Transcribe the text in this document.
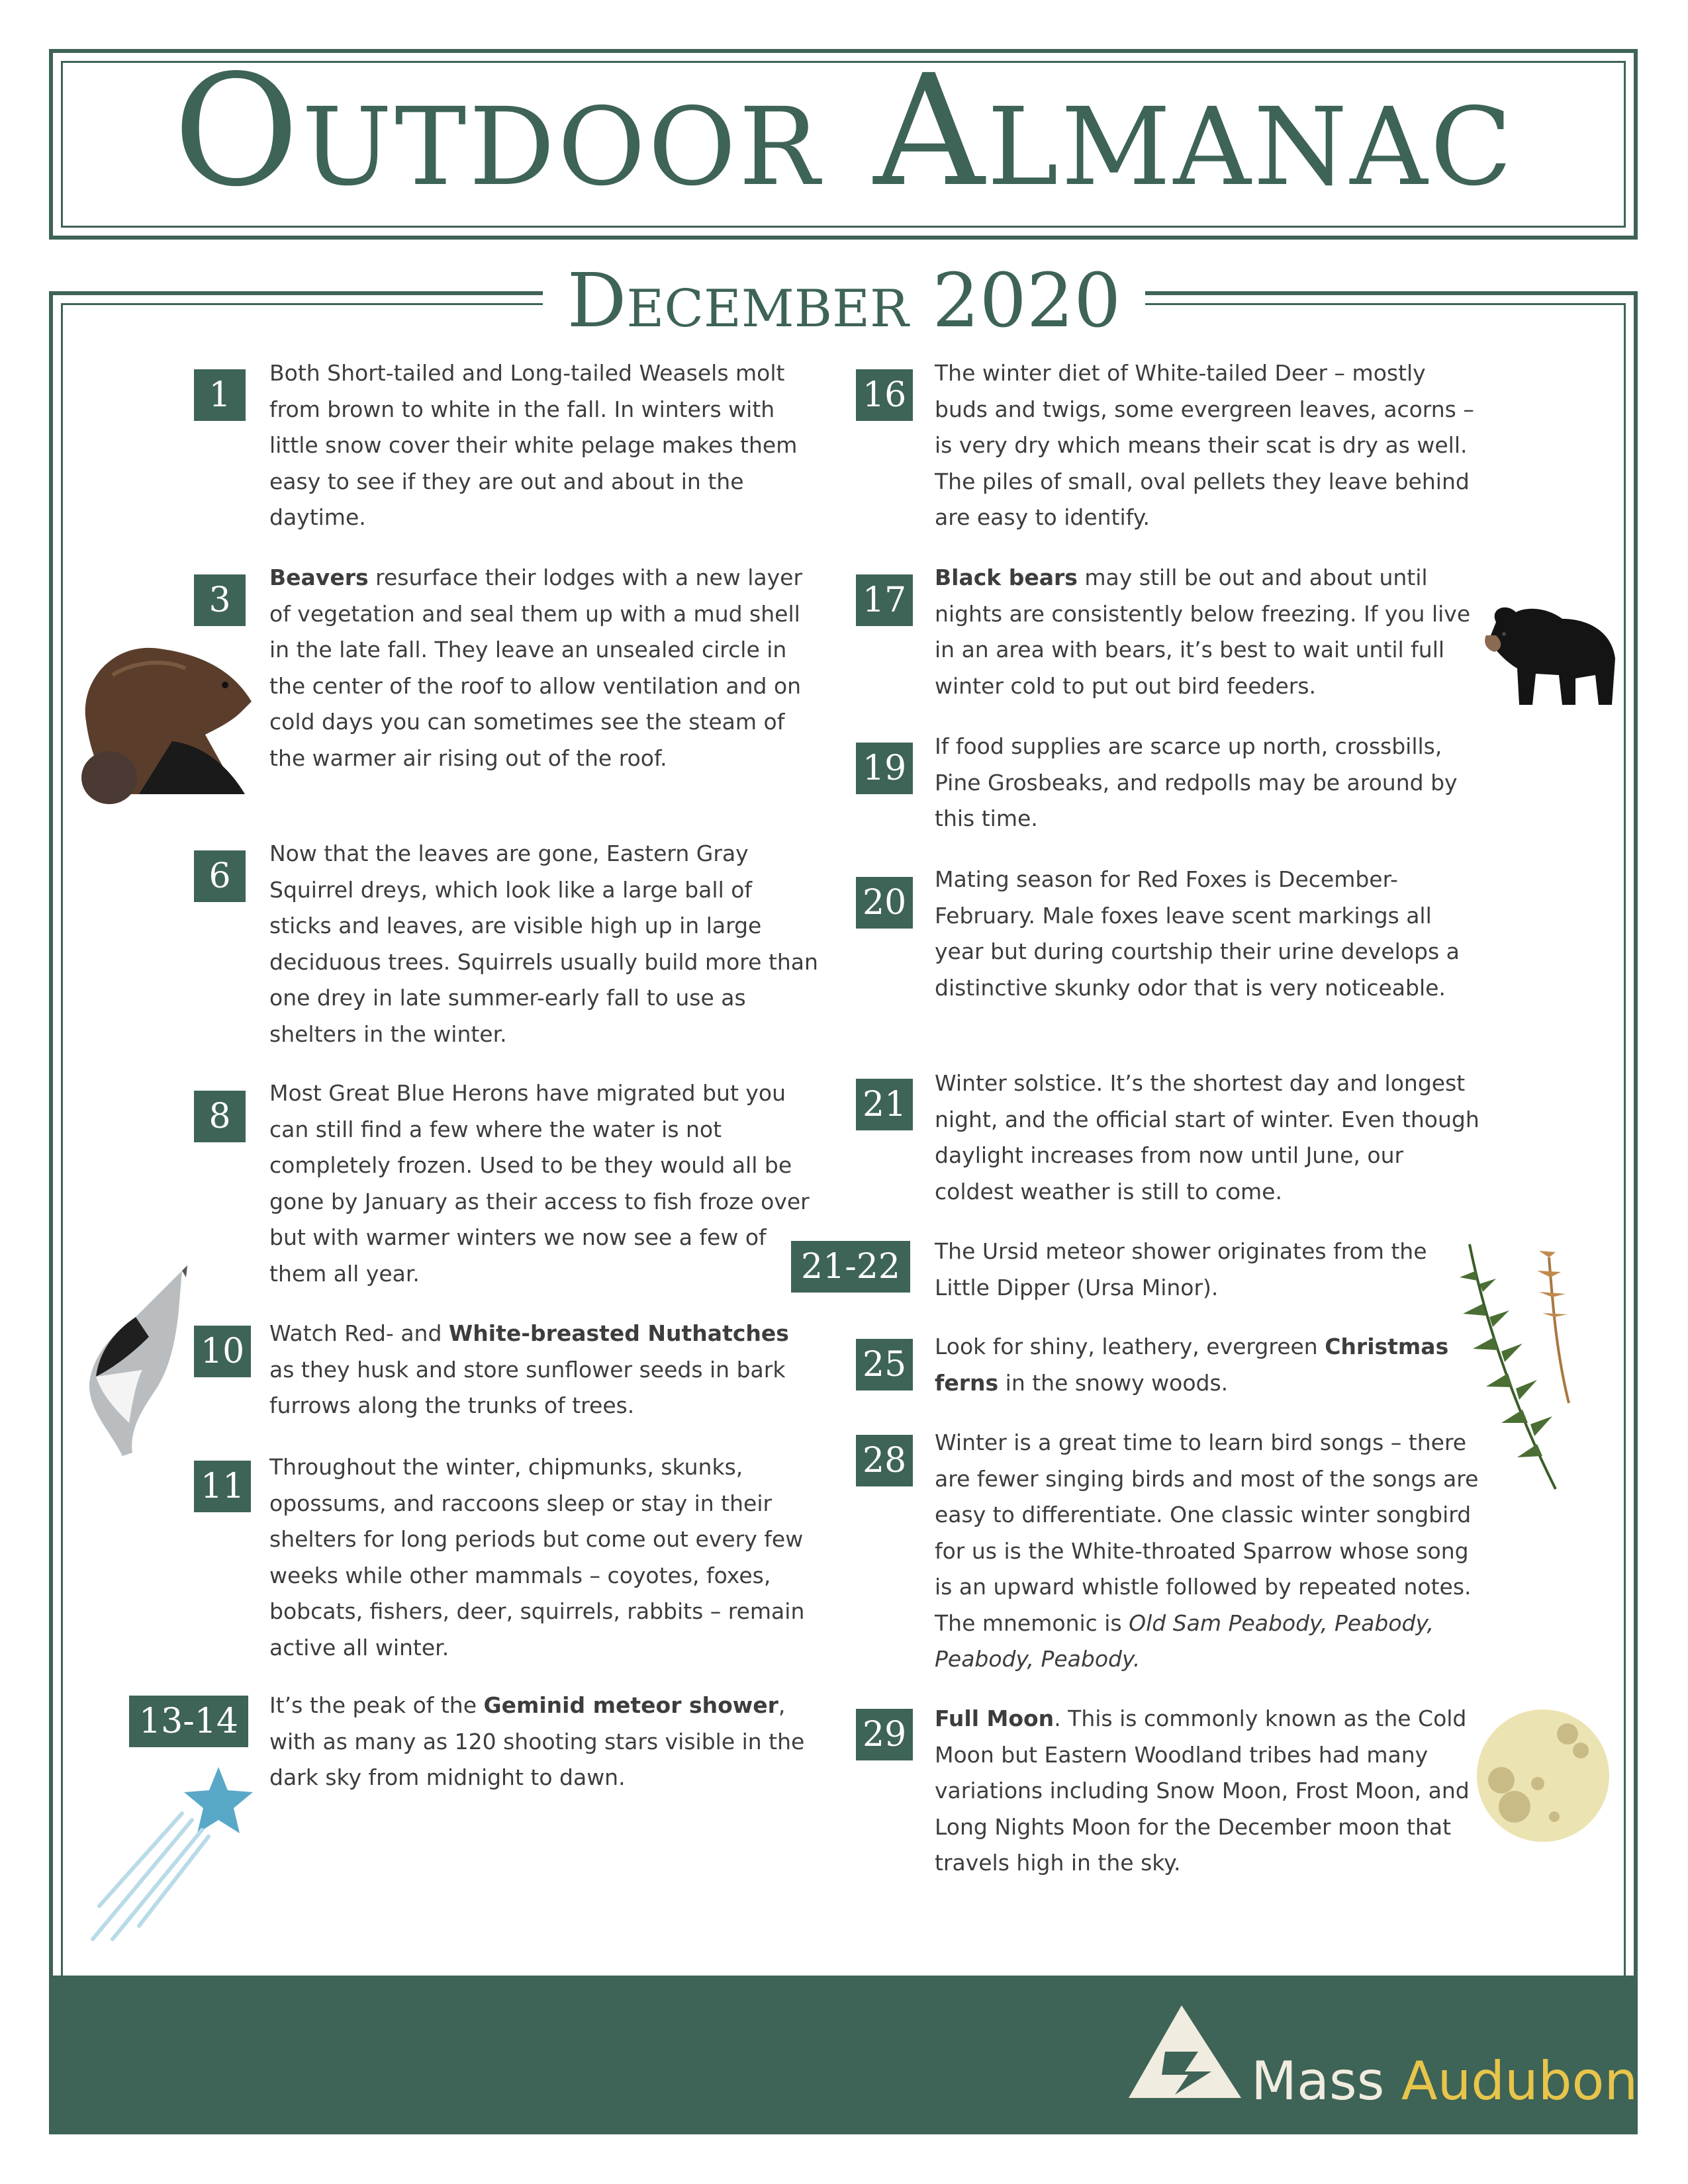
Outdoor Almanac
December 2020
1
3
6
8
10
11
13-14

Both Short-tailed and Long-tailed Weasels molt from brown to white in the fall. In winters with little snow cover their white pelage makes them easy to see if they are out and about in the daytime.

Beavers resurface their lodges with a new layer of vegetation and seal them up with a mud shell in the late fall. They leave an unsealed circle in the center of the roof to allow ventilation and on cold days you can sometimes see the steam of the warmer air rising out of the roof.

Now that the leaves are gone, Eastern Gray Squirrel dreys, which look like a large ball of sticks and leaves, are visible high up in large deciduous trees. Squirrels usually build more than one drey in late summer-early fall to use as shelters in the winter.

Most Great Blue Herons have migrated but you can still find a few where the water is not completely frozen. Used to be they would all be gone by January as their access to fish froze over but with warmer winters we now see a few of them all year.

Watch Red- and White-breasted Nuthatches as they husk and store sunflower seeds in bark furrows along the trunks of trees.

Throughout the winter, chipmunks, skunks, opossums, and raccoons sleep or stay in their shelters for long periods but come out every few weeks while other mammals – coyotes, foxes, bobcats, fishers, deer, squirrels, rabbits – remain active all winter.

It’s the peak of the Geminid meteor shower, with as many as 120 shooting stars visible in the dark sky from midnight to dawn.

16
17
19
20
21
21-22
25
28
29

The winter diet of White-tailed Deer – mostly buds and twigs, some evergreen leaves, acorns – is very dry which means their scat is dry as well. The piles of small, oval pellets they leave behind are easy to identify.

Black bears may still be out and about until nights are consistently below freezing. If you live in an area with bears, it’s best to wait until full winter cold to put out bird feeders.

If food supplies are scarce up north, crossbills, Pine Grosbeaks, and redpolls may be around by this time.

Mating season for Red Foxes is December-February. Male foxes leave scent markings all year but during courtship their urine develops a distinctive skunky odor that is very noticeable.

Winter solstice. It’s the shortest day and longest night, and the official start of winter. Even though daylight increases from now until June, our coldest weather is still to come.

The Ursid meteor shower originates from the Little Dipper (Ursa Minor).

Look for shiny, leathery, evergreen Christmas ferns in the snowy woods.

Winter is a great time to learn bird songs – there are fewer singing birds and most of the songs are easy to differentiate. One classic winter songbird for us is the White-throated Sparrow whose song is an upward whistle followed by repeated notes. The mnemonic is Old Sam Peabody, Peabody, Peabody, Peabody.

Full Moon. This is commonly known as the Cold Moon but Eastern Woodland tribes had many variations including Snow Moon, Frost Moon, and Long Nights Moon for the December moon that travels high in the sky.

Mass Audubon
